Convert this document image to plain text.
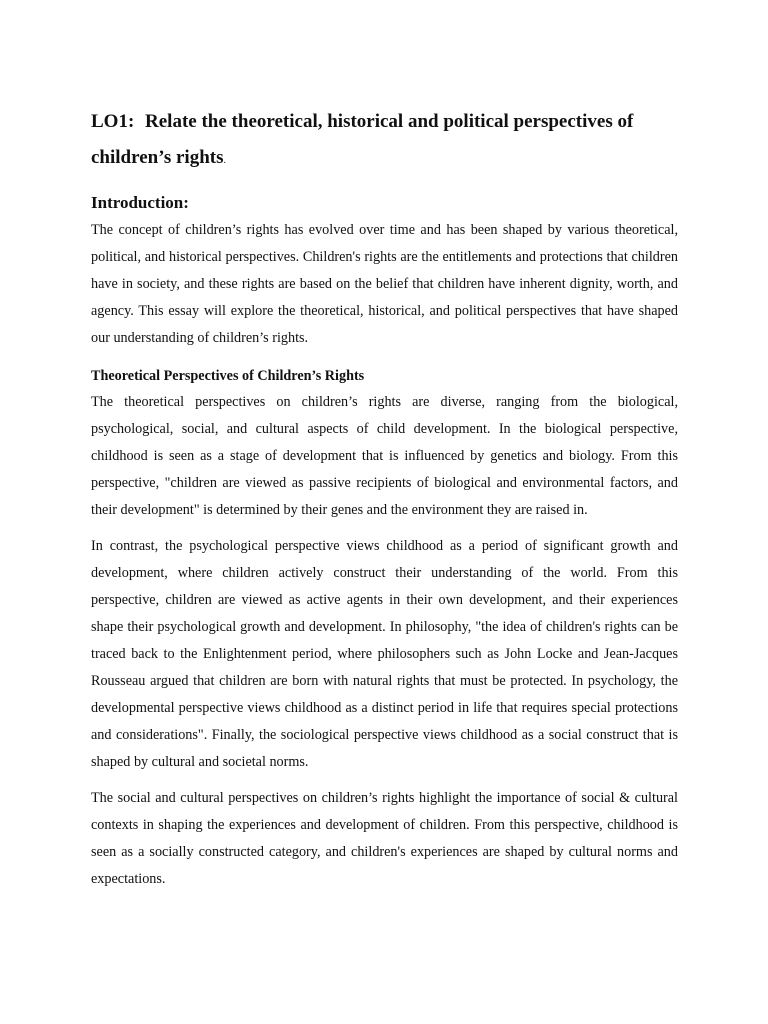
LO1: Relate the theoretical, historical and political perspectives of children’s rights.
Introduction:

The concept of children’s rights has evolved over time and has been shaped by various theoretical, political, and historical perspectives. Children's rights are the entitlements and protections that children have in society, and these rights are based on the belief that children have inherent dignity, worth, and agency. This essay will explore the theoretical, historical, and political perspectives that have shaped our understanding of children’s rights.

Theoretical Perspectives of Children’s Rights

The theoretical perspectives on children’s rights are diverse, ranging from the biological, psychological, social, and cultural aspects of child development. In the biological perspective, childhood is seen as a stage of development that is influenced by genetics and biology. From this perspective, "children are viewed as passive recipients of biological and environmental factors, and their development" is determined by their genes and the environment they are raised in.

In contrast, the psychological perspective views childhood as a period of significant growth and development, where children actively construct their understanding of the world. From this perspective, children are viewed as active agents in their own development, and their experiences shape their psychological growth and development. In philosophy, "the idea of children's rights can be traced back to the Enlightenment period, where philosophers such as John Locke and Jean-Jacques Rousseau argued that children are born with natural rights that must be protected. In psychology, the developmental perspective views childhood as a distinct period in life that requires special protections and considerations". Finally, the sociological perspective views childhood as a social construct that is shaped by cultural and societal norms.

The social and cultural perspectives on children’s rights highlight the importance of social & cultural contexts in shaping the experiences and development of children. From this perspective, childhood is seen as a socially constructed category, and children's experiences are shaped by cultural norms and expectations.
